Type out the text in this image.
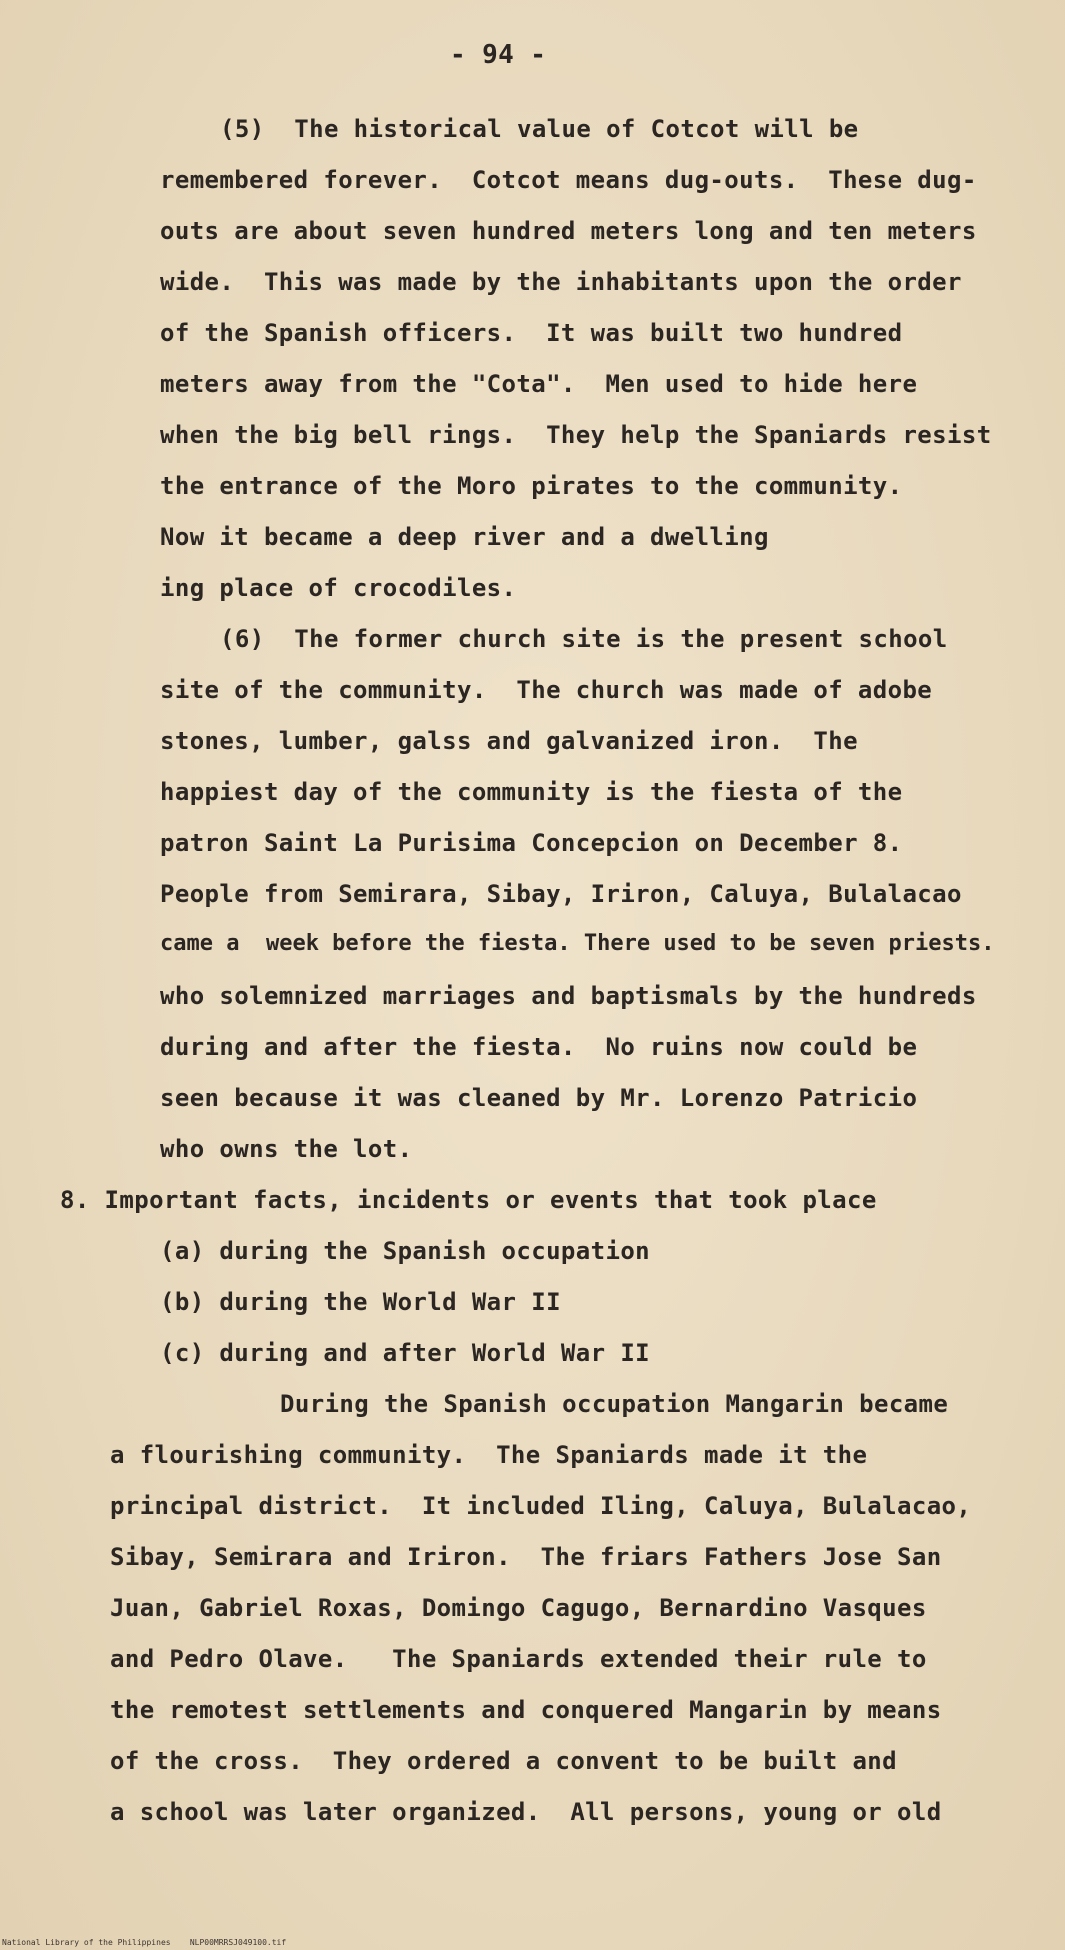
- 94 -
(5)  The historical value of Cotcot will be
remembered forever.  Cotcot means dug-outs.  These dug-
outs are about seven hundred meters long and ten meters
wide.  This was made by the inhabitants upon the order
of the Spanish officers.  It was built two hundred
meters away from the "Cota".  Men used to hide here
when the big bell rings.  They help the Spaniards resist
the entrance of the Moro pirates to the community.
Now it became a deep river and a dwelling
ing place of crocodiles.
(6)  The former church site is the present school
site of the community.  The church was made of adobe
stones, lumber, galss and galvanized iron.  The
happiest day of the community is the fiesta of the
patron Saint La Purisima Concepcion on December 8.
People from Semirara, Sibay, Iriron, Caluya, Bulalacao
came a  week before the fiesta. There used to be seven priests.
who solemnized marriages and baptismals by the hundreds
during and after the fiesta.  No ruins now could be
seen because it was cleaned by Mr. Lorenzo Patricio
who owns the lot.
8. Important facts, incidents or events that took place
(a) during the Spanish occupation
(b) during the World War II
(c) during and after World War II
During the Spanish occupation Mangarin became
a flourishing community.  The Spaniards made it the
principal district.  It included Iling, Caluya, Bulalacao,
Sibay, Semirara and Iriron.  The friars Fathers Jose San
Juan, Gabriel Roxas, Domingo Cagugo, Bernardino Vasques
and Pedro Olave.   The Spaniards extended their rule to
the remotest settlements and conquered Mangarin by means
of the cross.  They ordered a convent to be built and
a school was later organized.  All persons, young or old
National Library of the Philippines    NLP00MRRSJ049100.tif
